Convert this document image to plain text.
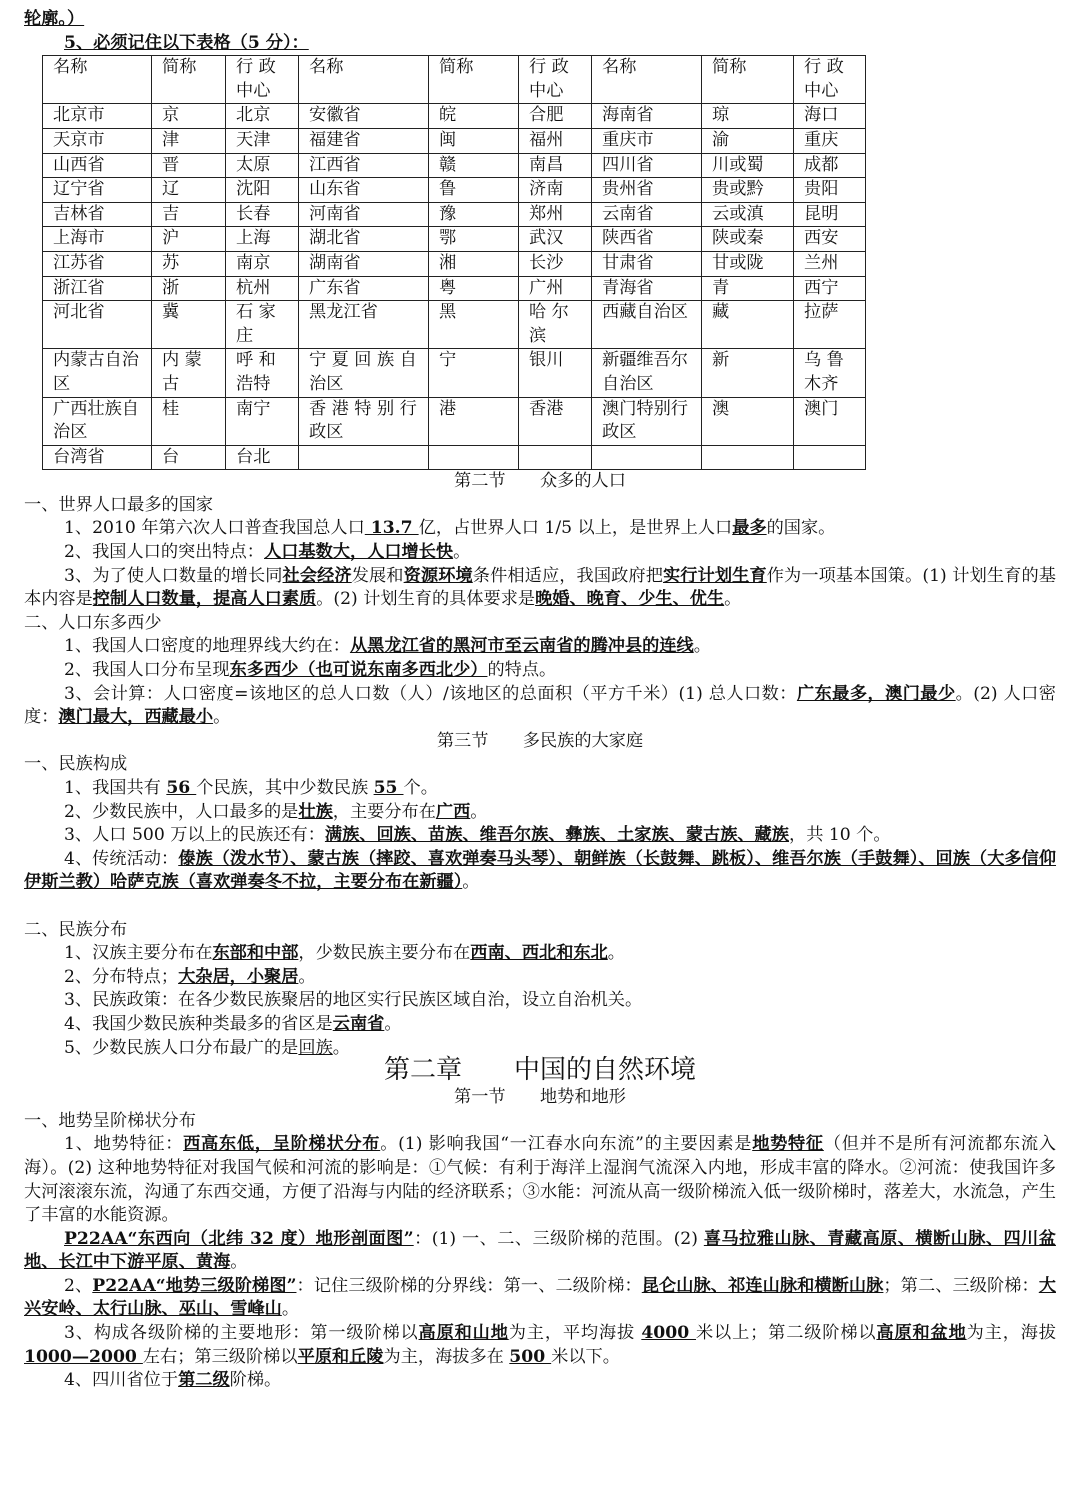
轮廓。）
5、必须记住以下表格（5 分）：
名称	简称	行 政 中心	名称	简称	行 政 中心	名称	简称	行 政 中心
北京市	京	北京	安徽省	皖	合肥	海南省	琼	海口
天京市	津	天津	福建省	闽	福州	重庆市	渝	重庆
山西省	晋	太原	江西省	赣	南昌	四川省	川或蜀	成都
辽宁省	辽	沈阳	山东省	鲁	济南	贵州省	贵或黔	贵阳
吉林省	吉	长春	河南省	豫	郑州	云南省	云或滇	昆明
上海市	沪	上海	湖北省	鄂	武汉	陕西省	陕或秦	西安
江苏省	苏	南京	湖南省	湘	长沙	甘肃省	甘或陇	兰州
浙江省	浙	杭州	广东省	粤	广州	青海省	青	西宁
河北省	冀	石 家 庄	黑龙江省	黑	哈 尔 滨	西藏自治区	藏	拉萨
内蒙古自治区	内 蒙 古	呼 和 浩特	宁 夏 回 族 自治区	宁	银川	新疆维吾尔自治区	新	乌 鲁 木齐
广西壮族自治区	桂	南宁	香 港 特 别 行政区	港	香港	澳门特别行政区	澳	澳门
台湾省	台	台北						
第二节　　众多的人口
一、世界人口最多的国家
1、2010 年第六次人口普查我国总人口 13.7 亿，占世界人口 1/5 以上，是世界上人口最多的国家。
2、我国人口的突出特点：人口基数大，人口增长快。
3、为了使人口数量的增长同社会经济发展和资源环境条件相适应，我国政府把实行计划生育作为一项基本国策。(1) 计划生育的基本内容是控制人口数量，提高人口素质。(2) 计划生育的具体要求是晚婚、晚育、少生、优生。
二、人口东多西少
1、我国人口密度的地理界线大约在：从黑龙江省的黑河市至云南省的腾冲县的连线。
2、我国人口分布呈现东多西少（也可说东南多西北少）的特点。
3、会计算：人口密度=该地区的总人口数（人）/该地区的总面积（平方千米）(1) 总人口数：广东最多，澳门最少。(2) 人口密度：澳门最大，西藏最小。
第三节　　多民族的大家庭
一、民族构成
1、我国共有 56 个民族，其中少数民族 55 个。
2、少数民族中，人口最多的是壮族，主要分布在广西。
3、人口 500 万以上的民族还有：满族、回族、苗族、维吾尔族、彝族、土家族、蒙古族、藏族，共 10 个。
4、传统活动：傣族（泼水节）、蒙古族（摔跤、喜欢弹奏马头琴）、朝鲜族（长鼓舞、跳板）、维吾尔族（手鼓舞）、回族（大多信仰伊斯兰教）哈萨克族（喜欢弹奏冬不拉，主要分布在新疆）。

二、民族分布
1、汉族主要分布在东部和中部，少数民族主要分布在西南、西北和东北。
2、分布特点；大杂居，小聚居。
3、民族政策：在各少数民族聚居的地区实行民族区域自治，设立自治机关。
4、我国少数民族种类最多的省区是云南省。
5、少数民族人口分布最广的是回族。
第二章　　中国的自然环境
第一节　　地势和地形
一、地势呈阶梯状分布
1、地势特征：西高东低，呈阶梯状分布。(1) 影响我国“一江春水向东流”的主要因素是地势特征（但并不是所有河流都东流入海）。(2) 这种地势特征对我国气候和河流的影响是：①气候：有利于海洋上湿润气流深入内地，形成丰富的降水。②河流：使我国许多大河滚滚东流，沟通了东西交通，方便了沿海与内陆的经济联系；③水能：河流从高一级阶梯流入低一级阶梯时，落差大，水流急，产生了丰富的水能资源。
P22AA“东西向（北纬 32 度）地形剖面图”：(1) 一、二、三级阶梯的范围。(2) 喜马拉雅山脉、青藏高原、横断山脉、四川盆地、长江中下游平原、黄海。
2、P22AA“地势三级阶梯图”：记住三级阶梯的分界线：第一、二级阶梯：昆仑山脉、祁连山脉和横断山脉；第二、三级阶梯：大兴安岭、太行山脉、巫山、雪峰山。
3、构成各级阶梯的主要地形：第一级阶梯以高原和山地为主，平均海拔 4000 米以上；第二级阶梯以高原和盆地为主，海拔 1000—2000 左右；第三级阶梯以平原和丘陵为主，海拔多在 500 米以下。
4、四川省位于第二级阶梯。
